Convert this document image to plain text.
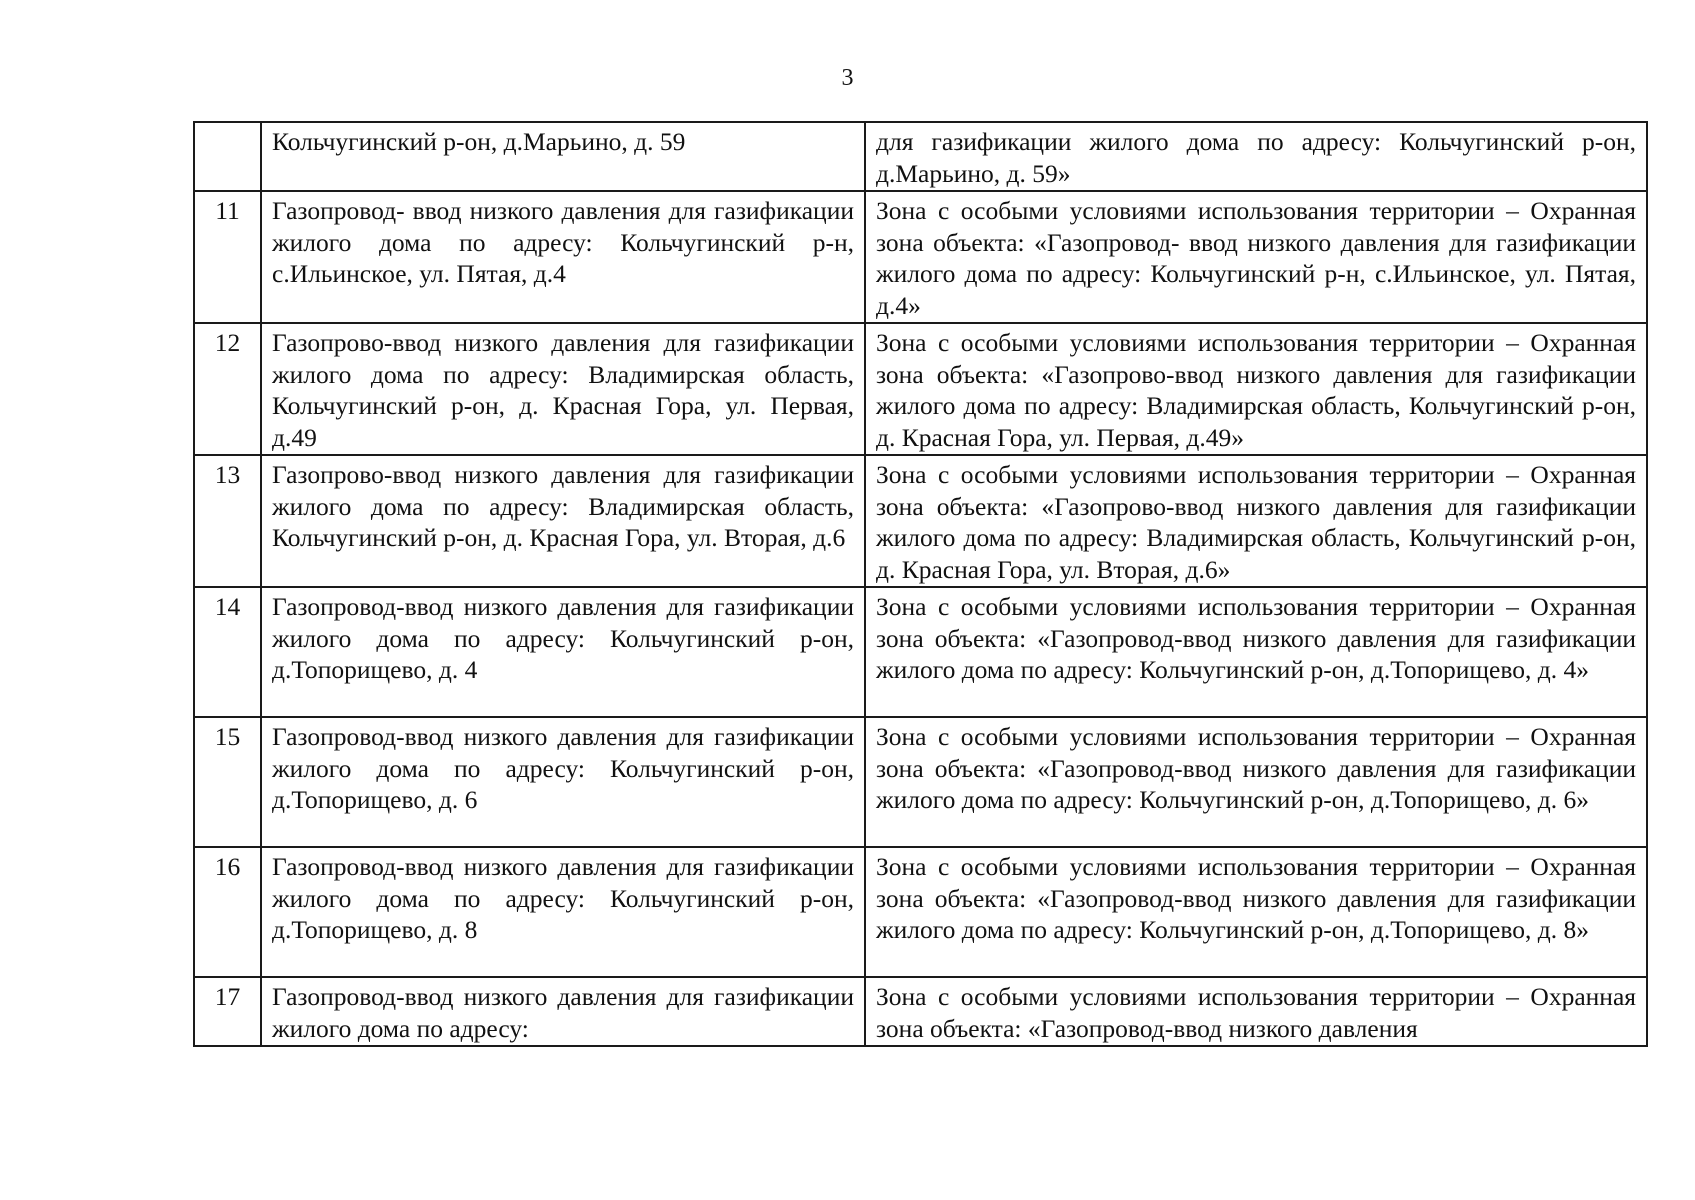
3
	Кольчугинский р-он, д.Марьино, д. 59	для газификации жилого дома по адресу: Кольчугинский р-он, д.Марьино, д. 59»
11	Газопровод- ввод низкого давления для газификации жилого дома по адресу: Кольчугинский р-н, с.Ильинское, ул. Пятая, д.4	Зона с особыми условиями использования территории – Охранная зона объекта: «Газопровод- ввод низкого давления для газификации жилого дома по адресу: Кольчугинский р-н, с.Ильинское, ул. Пятая, д.4»
12	Газопрово-ввод низкого давления для газификации жилого дома по адресу: Владимирская область, Кольчугинский р-он, д. Красная Гора, ул. Первая, д.49	Зона с особыми условиями использования территории – Охранная зона объекта: «Газопрово-ввод низкого давления для газификации жилого дома по адресу: Владимирская область, Кольчугинский р-он, д. Красная Гора, ул. Первая, д.49»
13	Газопрово-ввод низкого давления для газификации жилого дома по адресу: Владимирская область, Кольчугинский р-он, д. Красная Гора, ул. Вторая, д.6	Зона с особыми условиями использования территории – Охранная зона объекта: «Газопрово-ввод низкого давления для газификации жилого дома по адресу: Владимирская область, Кольчугинский р-он, д. Красная Гора, ул. Вторая, д.6»
14	Газопровод-ввод низкого давления для газификации жилого дома по адресу: Кольчугинский р-он, д.Топорищево, д. 4	Зона с особыми условиями использования территории – Охранная зона объекта: «Газопровод-ввод низкого давления для газификации жилого дома по адресу: Кольчугинский р-он, д.Топорищево, д. 4»
15	Газопровод-ввод низкого давления для газификации жилого дома по адресу: Кольчугинский р-он, д.Топорищево, д. 6	Зона с особыми условиями использования территории – Охранная зона объекта: «Газопровод-ввод низкого давления для газификации жилого дома по адресу: Кольчугинский р-он, д.Топорищево, д. 6»
16	Газопровод-ввод низкого давления для газификации жилого дома по адресу: Кольчугинский р-он, д.Топорищево, д. 8	Зона с особыми условиями использования территории – Охранная зона объекта: «Газопровод-ввод низкого давления для газификации жилого дома по адресу: Кольчугинский р-он, д.Топорищево, д. 8»
17	Газопровод-ввод низкого давления для газификации жилого дома по адресу:	Зона с особыми условиями использования территории – Охранная зона объекта: «Газопровод-ввод низкого давления
